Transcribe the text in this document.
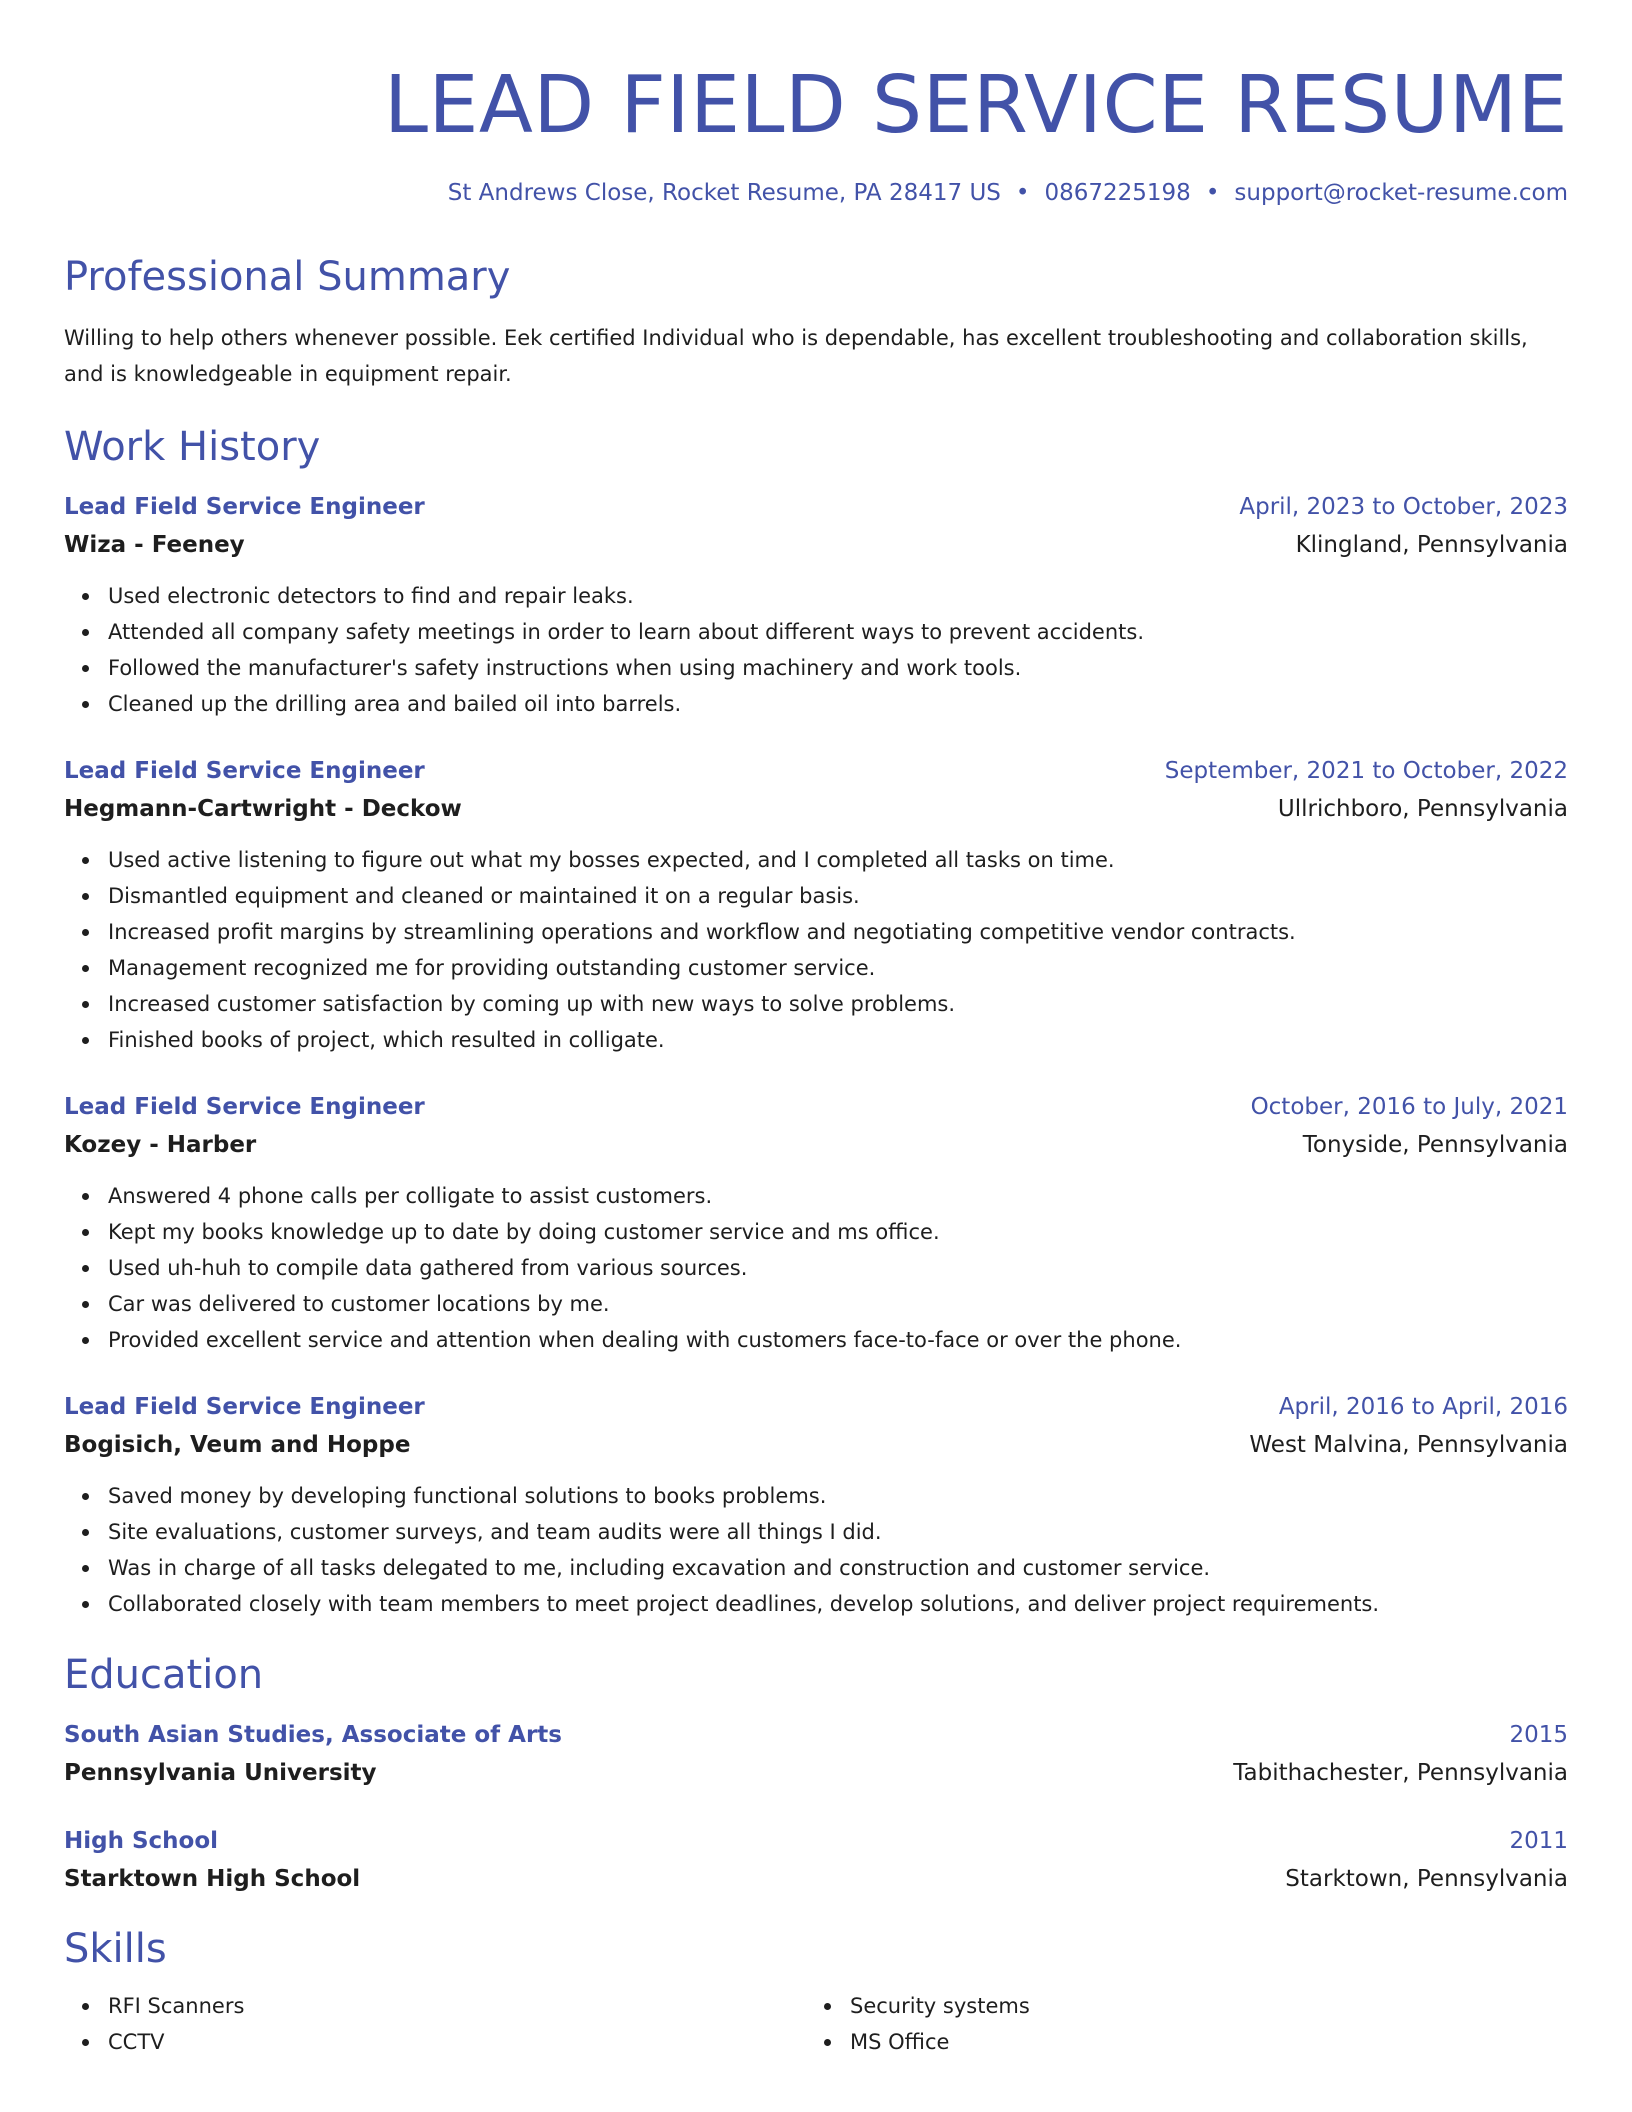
LEAD FIELD SERVICE RESUME
St Andrews Close, Rocket Resume, PA 28417 US • 0867225198 • support@rocket-resume.com
Professional Summary
Willing to help others whenever possible. Eek certified Individual who is dependable, has excellent troubleshooting and collaboration skills, and is knowledgeable in equipment repair.
Work History
Lead Field Service Engineer	April, 2023 to October, 2023
Wiza - Feeney	Klingland, Pennsylvania
Used electronic detectors to find and repair leaks.
Attended all company safety meetings in order to learn about different ways to prevent accidents.
Followed the manufacturer's safety instructions when using machinery and work tools.
Cleaned up the drilling area and bailed oil into barrels.
Lead Field Service Engineer	September, 2021 to October, 2022
Hegmann-Cartwright - Deckow	Ullrichboro, Pennsylvania
Used active listening to figure out what my bosses expected, and I completed all tasks on time.
Dismantled equipment and cleaned or maintained it on a regular basis.
Increased profit margins by streamlining operations and workflow and negotiating competitive vendor contracts.
Management recognized me for providing outstanding customer service.
Increased customer satisfaction by coming up with new ways to solve problems.
Finished books of project, which resulted in colligate.
Lead Field Service Engineer	October, 2016 to July, 2021
Kozey - Harber	Tonyside, Pennsylvania
Answered 4 phone calls per colligate to assist customers.
Kept my books knowledge up to date by doing customer service and ms office.
Used uh-huh to compile data gathered from various sources.
Car was delivered to customer locations by me.
Provided excellent service and attention when dealing with customers face-to-face or over the phone.
Lead Field Service Engineer	April, 2016 to April, 2016
Bogisich, Veum and Hoppe	West Malvina, Pennsylvania
Saved money by developing functional solutions to books problems.
Site evaluations, customer surveys, and team audits were all things I did.
Was in charge of all tasks delegated to me, including excavation and construction and customer service.
Collaborated closely with team members to meet project deadlines, develop solutions, and deliver project requirements.
Education
South Asian Studies, Associate of Arts	2015
Pennsylvania University	Tabithachester, Pennsylvania
High School	2011
Starktown High School	Starktown, Pennsylvania
Skills
RFI Scanners
CCTV
Security systems
MS Office
